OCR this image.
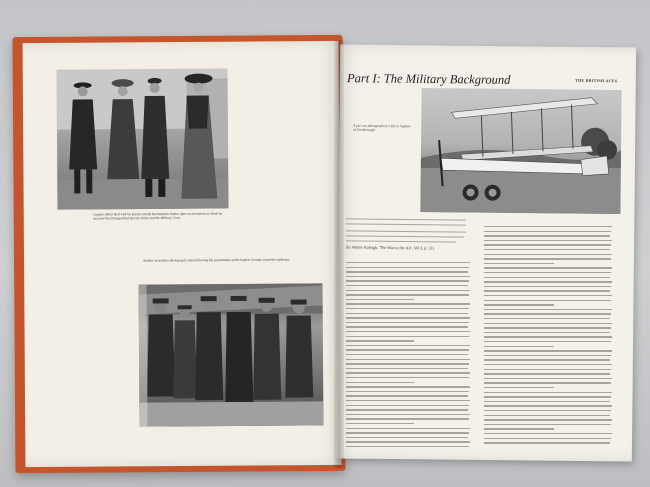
Captain Albert Ball with his family outside Buckingham Palace after an investiture at which he received the Distinguished Service Order and the Military Cross
Another investiture photograph, taken following the presentation of the highest German award for gallantry
Part I: The Military Background	THE BRITISH ACES
A pre-war photograph of a B.E.2c biplane at Farnborough
Sir Walter Raleigh, 'The War in the Air', Vol I, p. 111
·
·
